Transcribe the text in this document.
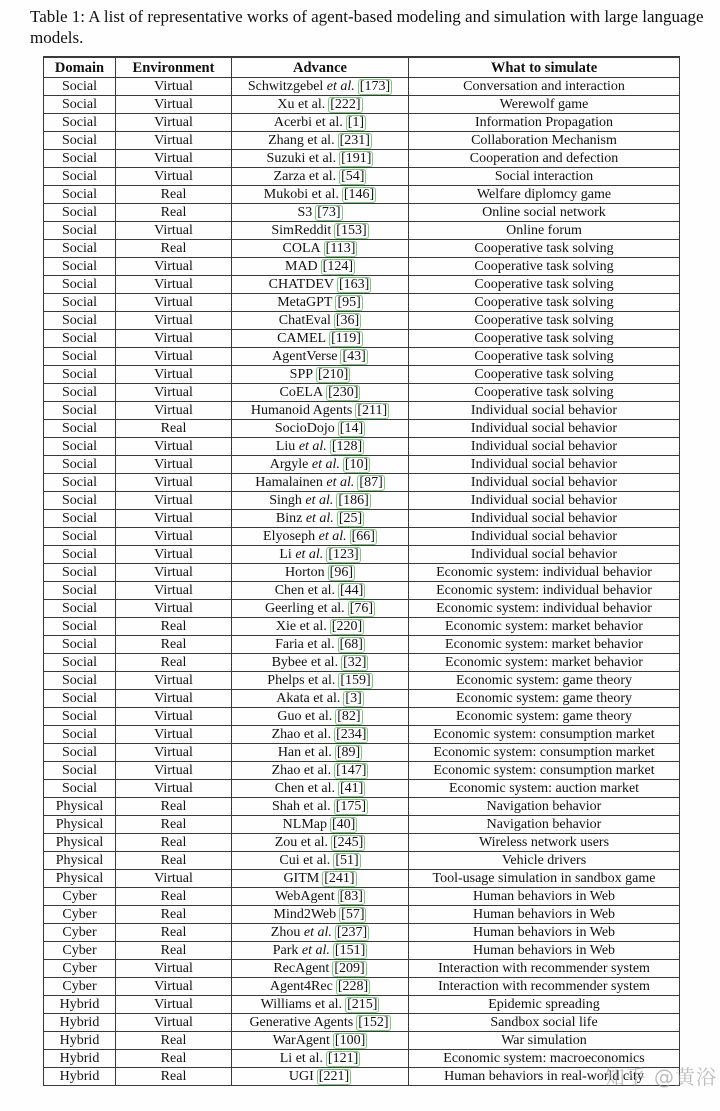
Table 1: A list of representative works of agent-based modeling and simulation with large language models.

Domain	Environment	Advance	What to simulate
Social	Virtual	Schwitzgebel et al. [173]	Conversation and interaction
Social	Virtual	Xu et al. [222]	Werewolf game
Social	Virtual	Acerbi et al. [1]	Information Propagation
Social	Virtual	Zhang et al. [231]	Collaboration Mechanism
Social	Virtual	Suzuki et al. [191]	Cooperation and defection
Social	Virtual	Zarza et al. [54]	Social interaction
Social	Real	Mukobi et al. [146]	Welfare diplomcy game
Social	Real	S3 [73]	Online social network
Social	Virtual	SimReddit [153]	Online forum
Social	Real	COLA [113]	Cooperative task solving
Social	Virtual	MAD [124]	Cooperative task solving
Social	Virtual	CHATDEV [163]	Cooperative task solving
Social	Virtual	MetaGPT [95]	Cooperative task solving
Social	Virtual	ChatEval [36]	Cooperative task solving
Social	Virtual	CAMEL [119]	Cooperative task solving
Social	Virtual	AgentVerse [43]	Cooperative task solving
Social	Virtual	SPP [210]	Cooperative task solving
Social	Virtual	CoELA [230]	Cooperative task solving
Social	Virtual	Humanoid Agents [211]	Individual social behavior
Social	Real	SocioDojo [14]	Individual social behavior
Social	Virtual	Liu et al. [128]	Individual social behavior
Social	Virtual	Argyle et al. [10]	Individual social behavior
Social	Virtual	Hamalainen et al. [87]	Individual social behavior
Social	Virtual	Singh et al. [186]	Individual social behavior
Social	Virtual	Binz et al. [25]	Individual social behavior
Social	Virtual	Elyoseph et al. [66]	Individual social behavior
Social	Virtual	Li et al. [123]	Individual social behavior
Social	Virtual	Horton [96]	Economic system: individual behavior
Social	Virtual	Chen et al. [44]	Economic system: individual behavior
Social	Virtual	Geerling et al. [76]	Economic system: individual behavior
Social	Real	Xie et al. [220]	Economic system: market behavior
Social	Real	Faria et al. [68]	Economic system: market behavior
Social	Real	Bybee et al. [32]	Economic system: market behavior
Social	Virtual	Phelps et al. [159]	Economic system: game theory
Social	Virtual	Akata et al. [3]	Economic system: game theory
Social	Virtual	Guo et al. [82]	Economic system: game theory
Social	Virtual	Zhao et al. [234]	Economic system: consumption market
Social	Virtual	Han et al. [89]	Economic system: consumption market
Social	Virtual	Zhao et al. [147]	Economic system: consumption market
Social	Virtual	Chen et al. [41]	Economic system: auction market
Physical	Real	Shah et al. [175]	Navigation behavior
Physical	Real	NLMap [40]	Navigation behavior
Physical	Real	Zou et al. [245]	Wireless network users
Physical	Real	Cui et al. [51]	Vehicle drivers
Physical	Virtual	GITM [241]	Tool-usage simulation in sandbox game
Cyber	Real	WebAgent [83]	Human behaviors in Web
Cyber	Real	Mind2Web [57]	Human behaviors in Web
Cyber	Real	Zhou et al. [237]	Human behaviors in Web
Cyber	Real	Park et al. [151]	Human behaviors in Web
Cyber	Virtual	RecAgent [209]	Interaction with recommender system
Cyber	Virtual	Agent4Rec [228]	Interaction with recommender system
Hybrid	Virtual	Williams et al. [215]	Epidemic spreading
Hybrid	Virtual	Generative Agents [152]	Sandbox social life
Hybrid	Real	WarAgent [100]	War simulation
Hybrid	Real	Li et al. [121]	Economic system: macroeconomics
Hybrid	Real	UGI [221]	Human behaviors in real-world city
知乎 @黄浴
